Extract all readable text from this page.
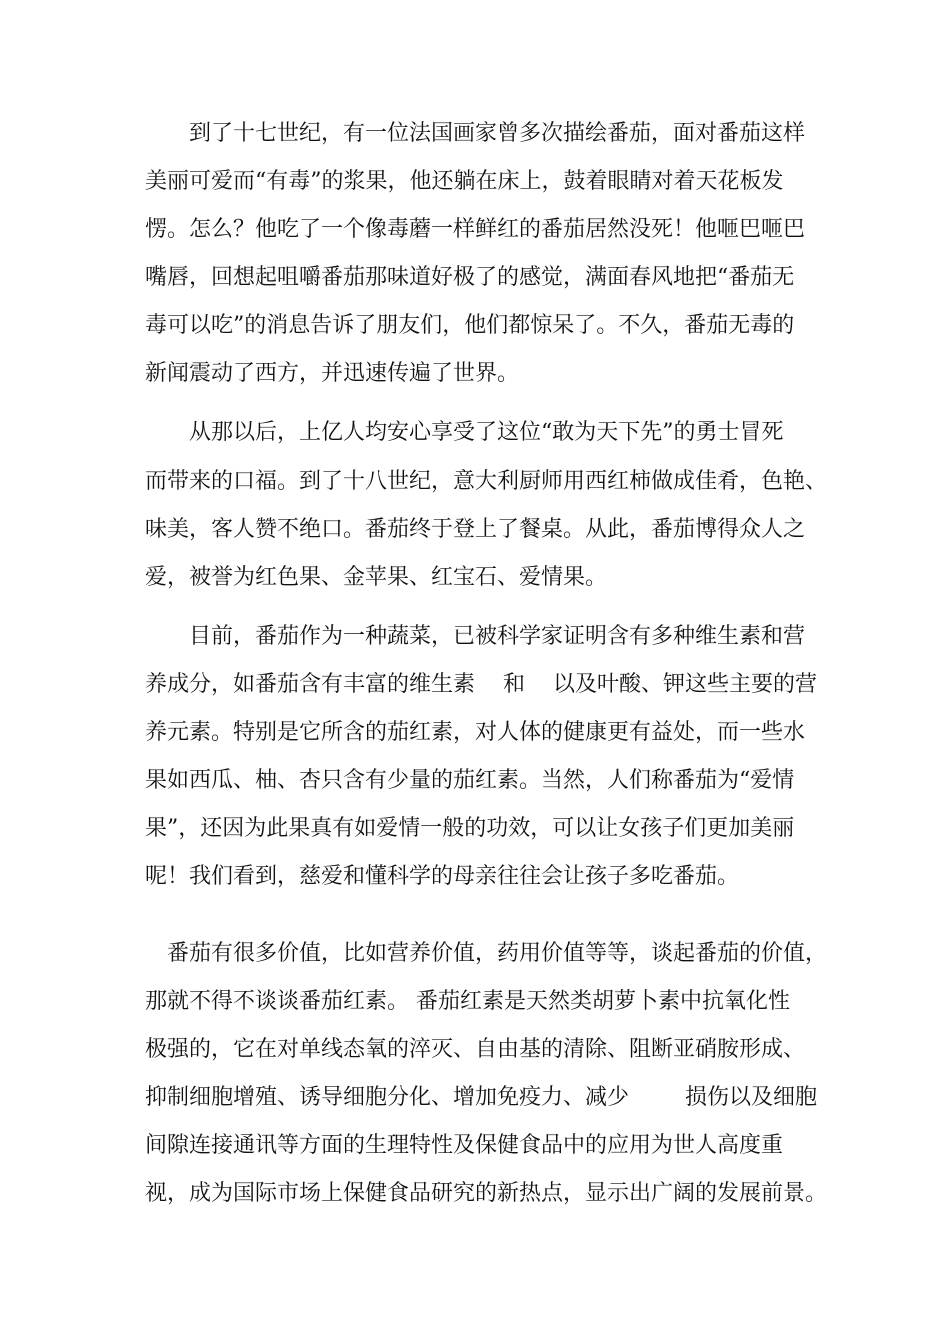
到了十七世纪，有一位法国画家曾多次描绘番茄，面对番茄这样
美丽可爱而“有毒”的浆果，他还躺在床上，鼓着眼睛对着天花板发
愣。怎么？他吃了一个像毒蘑一样鲜红的番茄居然没死！他咂巴咂巴
嘴唇，回想起咀嚼番茄那味道好极了的感觉，满面春风地把“番茄无
毒可以吃”的消息告诉了朋友们，他们都惊呆了。不久，番茄无毒的
新闻震动了西方，并迅速传遍了世界。
从那以后，上亿人均安心享受了这位“敢为天下先”的勇士冒死
而带来的口福。到了十八世纪，意大利厨师用西红柿做成佳肴，色艳、
味美，客人赞不绝口。番茄终于登上了餐桌。从此，番茄博得众人之
爱，被誉为红色果、金苹果、红宝石、爱情果。
目前，番茄作为一种蔬菜，已被科学家证明含有多种维生素和营
养成分，如番茄含有丰富的维生素    和    以及叶酸、钾这些主要的营
养元素。特别是它所含的茄红素，对人体的健康更有益处，而一些水
果如西瓜、柚、杏只含有少量的茄红素。当然，人们称番茄为“爱情
果”，还因为此果真有如爱情一般的功效，可以让女孩子们更加美丽
呢！我们看到，慈爱和懂科学的母亲往往会让孩子多吃番茄。
番茄有很多价值，比如营养价值，药用价值等等，谈起番茄的价值，
那就不得不谈谈番茄红素。 番茄红素是天然类胡萝卜素中抗氧化性
极强的，它在对单线态氧的淬灭、自由基的清除、阻断亚硝胺形成、
抑制细胞增殖、诱导细胞分化、增加免疫力、减少        损伤以及细胞
间隙连接通讯等方面的生理特性及保健食品中的应用为世人高度重
视，成为国际市场上保健食品研究的新热点，显示出广阔的发展前景。
